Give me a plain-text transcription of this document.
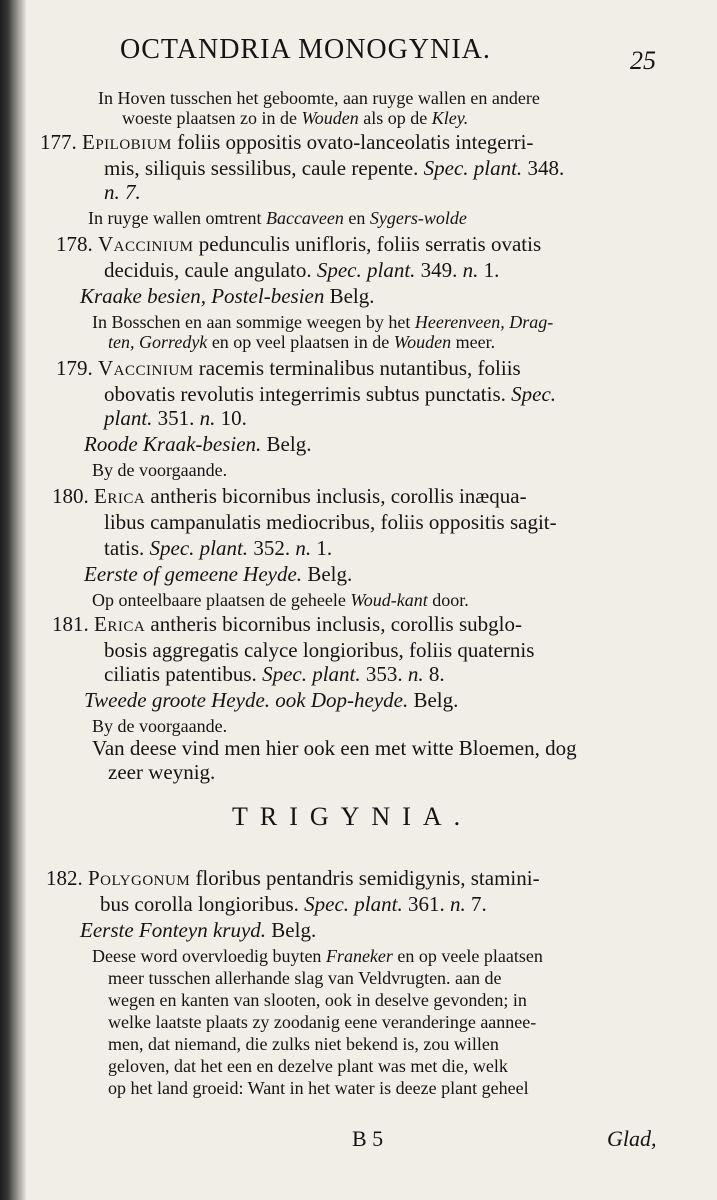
OCTANDRIA MONOGYNIA.	25
In Hoven tusschen het geboomte, aan ruyge wallen en andere
woeste plaatsen zo in de Wouden als op de Kley.
177. Epilobium foliis oppositis ovato-lanceolatis integerri-
mis, siliquis sessilibus, caule repente. Spec. plant. 348.
n. 7.
In ruyge wallen omtrent Baccaveen en Sygers-wolde
178. Vaccinium pedunculis unifloris, foliis serratis ovatis
deciduis, caule angulato. Spec. plant. 349. n. 1.
Kraake besien, Postel-besien Belg.
In Bosschen en aan sommige weegen by het Heerenveen, Drag-
ten, Gorredyk en op veel plaatsen in de Wouden meer.
179. Vaccinium racemis terminalibus nutantibus, foliis
obovatis revolutis integerrimis subtus punctatis. Spec.
plant. 351. n. 10.
Roode Kraak-besien. Belg.
By de voorgaande.
180. Erica antheris bicornibus inclusis, corollis inæqua-
libus campanulatis mediocribus, foliis oppositis sagit-
tatis. Spec. plant. 352. n. 1.
Eerste of gemeene Heyde. Belg.
Op onteelbaare plaatsen de geheele Woud-kant door.
181. Erica antheris bicornibus inclusis, corollis subglo-
bosis aggregatis calyce longioribus, foliis quaternis
ciliatis patentibus. Spec. plant. 353. n. 8.
Tweede groote Heyde. ook Dop-heyde. Belg.
By de voorgaande.
Van deese vind men hier ook een met witte Bloemen, dog
zeer weynig.
182. Polygonum floribus pentandris semidigynis, stamini-
bus corolla longioribus. Spec. plant. 361. n. 7.
Eerste Fonteyn kruyd. Belg.
Deese word overvloedig buyten Franeker en op veele plaatsen
meer tusschen allerhande slag van Veldvrugten. aan de
wegen en kanten van slooten, ook in deselve gevonden; in
welke laatste plaats zy zoodanig eene veranderinge aanneе-
men, dat niemand, die zulks niet bekend is, zou willen
geloven, dat het een en dezelve plant was met die, welk
op het land groeid: Want in het water is deeze plant geheel
TRIGYNIA.
B 5	Glad,
